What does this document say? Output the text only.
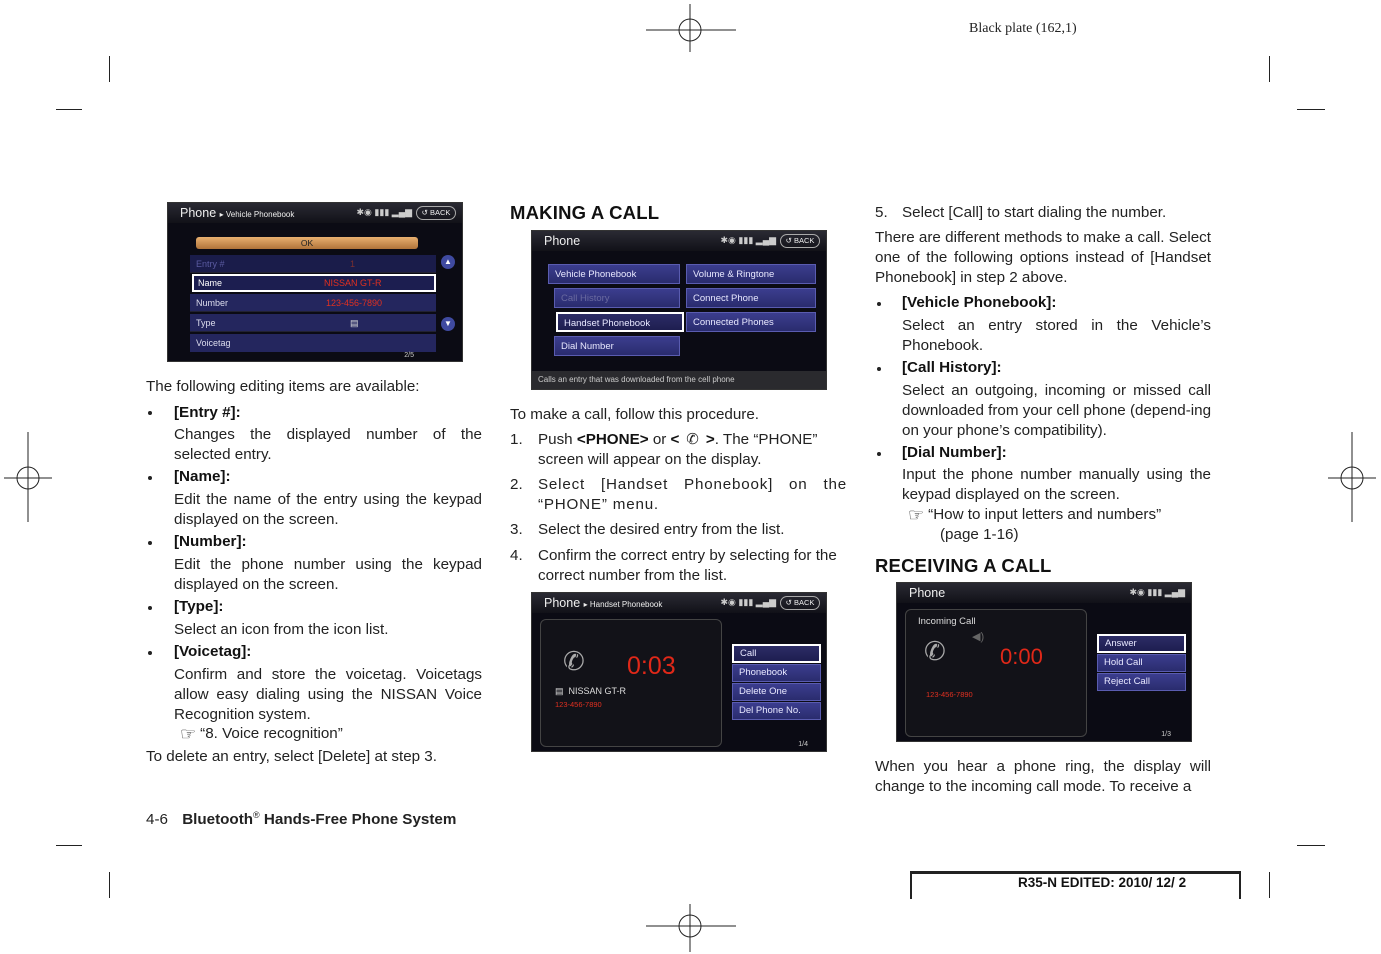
Black plate (162,1)
Phone ▸ Vehicle Phonebook	✱◉ ▮▮▮ ▂▄▆	↺ BACK
OK
Entry #	1
Name	NISSAN GT-R
Number	123-456-7890
Type	▤
Voicetag
▲
▼
2/5
The following editing items are available:
[Entry #]:
Changes the displayed number of the selected entry.
[Name]:
Edit the name of the entry using the keypad displayed on the screen.
[Number]:
Edit the phone number using the keypad displayed on the screen.
[Type]:
Select an icon from the icon list.
[Voicetag]:
Confirm and store the voicetag. Voicetags allow easy dialing using the NISSAN Voice Recognition system.
☞ “8. Voice recognition”
To delete an entry, select [Delete] at step 3.
4-6 Bluetooth® Hands-Free Phone System
MAKING A CALL
Phone	✱◉ ▮▮▮ ▂▄▆	↺ BACK
Vehicle Phonebook
Call History
Handset Phonebook
Dial Number
Volume & Ringtone
Connect Phone
Connected Phones
Calls an entry that was downloaded from the cell phone
To make a call, follow this procedure.
1. Push <PHONE> or < ✆ >. The “PHONE” screen will appear on the display.
2. Select [Handset Phonebook] on the “PHONE” menu.
3. Select the desired entry from the list.
4. Confirm the correct entry by selecting for the correct number from the list.
Phone ▸ Handset Phonebook	✱◉ ▮▮▮ ▂▄▆	↺ BACK
✆ 0:03
▤ NISSAN GT-R
123-456-7890
Call
Phonebook
Delete One
Del Phone No.
1/4
5. Select [Call] to start dialing the number.
There are different methods to make a call. Select one of the following options instead of [Handset Phonebook] in step 2 above.
[Vehicle Phonebook]:
Select an entry stored in the Vehicle’s Phonebook.
[Call History]:
Select an outgoing, incoming or missed call downloaded from your cell phone (depend-ing on your phone’s compatibility).
[Dial Number]:
Input the phone number manually using the keypad displayed on the screen.
☞ “How to input letters and numbers”
(page 1-16)
RECEIVING A CALL
Phone	✱◉ ▮▮▮ ▂▄▆
Incoming Call
✆ ◀︎)
0:00
123-456-7890
Answer
Hold Call
Reject Call
1/3
When you hear a phone ring, the display will change to the incoming call mode. To receive a
R35-N EDITED: 2010/ 12/ 2
